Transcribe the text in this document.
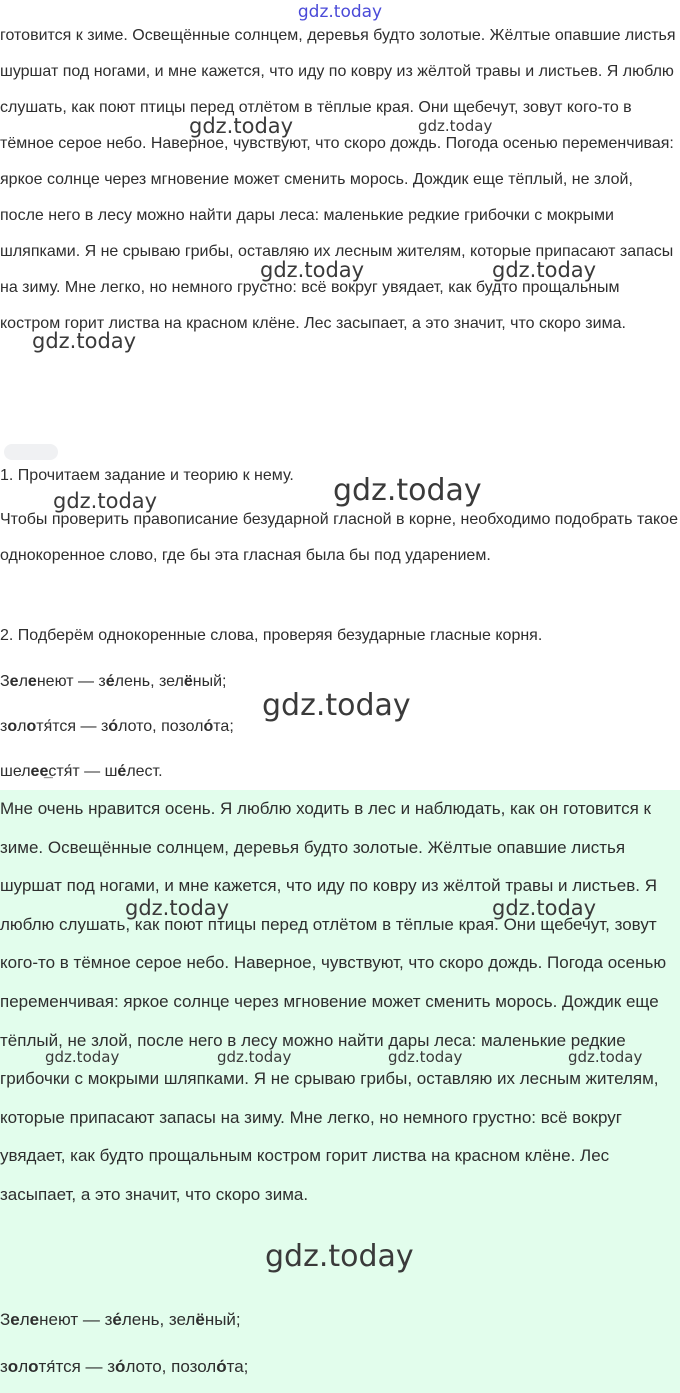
gdz.today

готовится к зиме. Освещённые солнцем, деревья будто золотые. Жёлтые опавшие листья шуршат под ногами, и мне кажется, что иду по ковру из жёлтой травы и листьев. Я люблю слушать, как поют птицы перед отлётом в тёплые края. Они щебечут, зовут кого-то в тёмное серое небо. Наверное, чувствуют, что скоро дождь. Погода осенью переменчивая: яркое солнце через мгновение может сменить морось. Дождик еще тёплый, не злой, после него в лесу можно найти дары леса: маленькие редкие грибочки с мокрыми шляпками. Я не срываю грибы, оставляю их лесным жителям, которые припасают запасы на зиму. Мне легко, но немного грустно: всё вокруг увядает, как будто прощальным костром горит листва на красном клёне. Лес засыпает, а это значит, что скоро зима.

1. Прочитаем задание и теорию к нему.

Чтобы проверить правописание безударной гласной в корне, необходимо подобрать такое однокоренное слово, где бы эта гласная была бы под ударением.

2. Подберём однокоренные слова, проверяя безударные гласные корня.

Зеленеют — зе́лень, зелёный;

золотя́тся — зо́лото, позоло́та;

шелее̲стя́т — ше́лест.

Мне очень нравится осень. Я люблю ходить в лес и наблюдать, как он готовится к зиме. Освещённые солнцем, деревья будто золотые. Жёлтые опавшие листья шуршат под ногами, и мне кажется, что иду по ковру из жёлтой травы и листьев. Я люблю слушать, как поют птицы перед отлётом в тёплые края. Они щебечут, зовут кого-то в тёмное серое небо. Наверное, чувствуют, что скоро дождь. Погода осенью переменчивая: яркое солнце через мгновение может сменить морось. Дождик еще тёплый, не злой, после него в лесу можно найти дары леса: маленькие редкие грибочки с мокрыми шляпками. Я не срываю грибы, оставляю их лесным жителям, которые припасают запасы на зиму. Мне легко, но немного грустно: всё вокруг увядает, как будто прощальным костром горит листва на красном клёне. Лес засыпает, а это значит, что скоро зима.

Зеленеют — зе́лень, зелёный;

золотя́тся — зо́лото, позоло́та;

gdz.today	gdz.today
gdz.today	gdz.today
gdz.today
gdz.today
gdz.today
gdz.today
gdz.today	gdz.today
gdz.today	gdz.today	gdz.today	gdz.today
gdz.today
